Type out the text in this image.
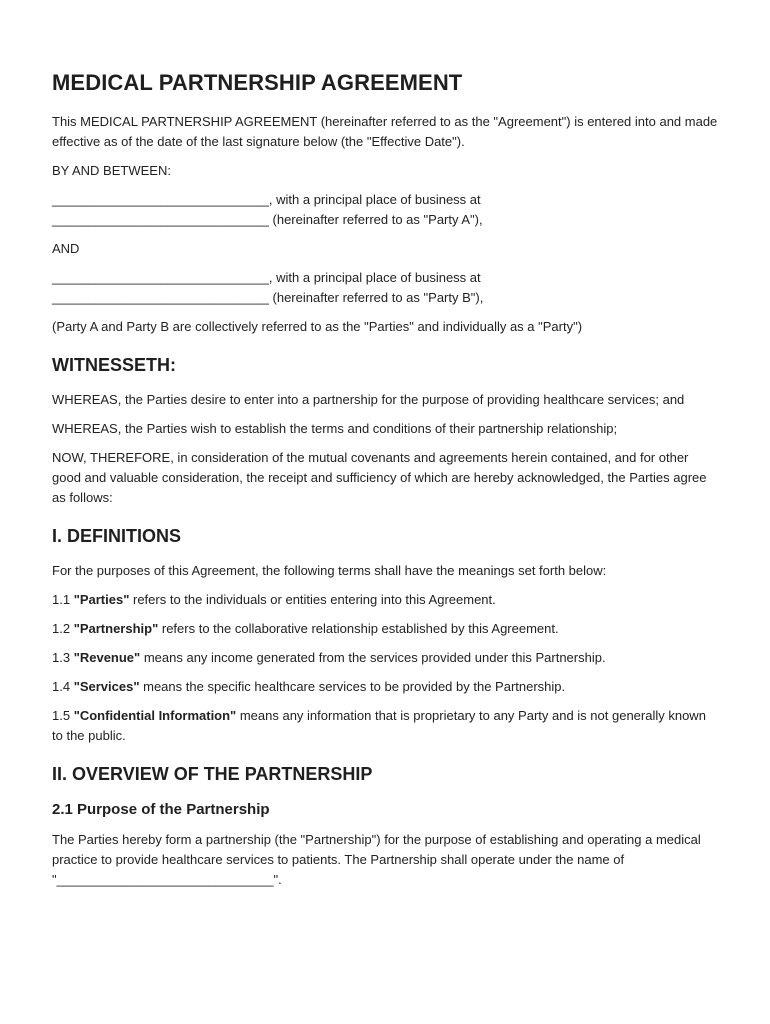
MEDICAL PARTNERSHIP AGREEMENT

This MEDICAL PARTNERSHIP AGREEMENT (hereinafter referred to as the "Agreement") is entered into and made effective as of the date of the last signature below (the "Effective Date").

BY AND BETWEEN:

______________________________, with a principal place of business at
______________________________ (hereinafter referred to as "Party A"),

AND

______________________________, with a principal place of business at
______________________________ (hereinafter referred to as "Party B"),

(Party A and Party B are collectively referred to as the "Parties" and individually as a "Party")

WITNESSETH:

WHEREAS, the Parties desire to enter into a partnership for the purpose of providing healthcare services; and

WHEREAS, the Parties wish to establish the terms and conditions of their partnership relationship;

NOW, THEREFORE, in consideration of the mutual covenants and agreements herein contained, and for other good and valuable consideration, the receipt and sufficiency of which are hereby acknowledged, the Parties agree as follows:

I. DEFINITIONS

For the purposes of this Agreement, the following terms shall have the meanings set forth below:

1.1 "Parties" refers to the individuals or entities entering into this Agreement.

1.2 "Partnership" refers to the collaborative relationship established by this Agreement.

1.3 "Revenue" means any income generated from the services provided under this Partnership.

1.4 "Services" means the specific healthcare services to be provided by the Partnership.

1.5 "Confidential Information" means any information that is proprietary to any Party and is not generally known to the public.

II. OVERVIEW OF THE PARTNERSHIP
2.1 Purpose of the Partnership

The Parties hereby form a partnership (the "Partnership") for the purpose of establishing and operating a medical practice to provide healthcare services to patients. The Partnership shall operate under the name of "______________________________".
